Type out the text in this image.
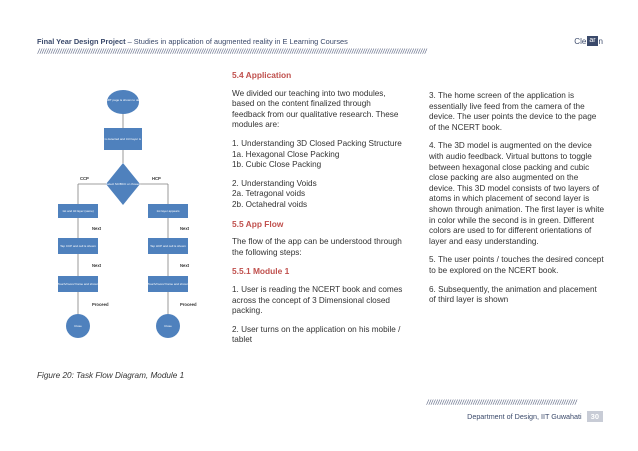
Final Year Design Project – Studies in application of augmented reality in E Learning Courses
////////////////////////////////////////////////////////////////////////////////////////////////////////////////////////////////////////////////////////////////////////////////
Cle ar n
NCERT page is shown to device
Image is detected and 3-D layer is shown
Select SC/BCC or chosen
1st and 3d layer (same)
Tap CCP and cell is shown
Touch/zoom/ frame and shown
Close
1st layer appears
Tap HCP and cell is shown
Touch/zoom/ frame and shown
Close
CCP	HCP
Next
Next
Proceed
Next
Next
Proceed
Figure 20: Task Flow Diagram, Module 1
5.4 Application

We divided our teaching into two modules, based on the content finalized through feedback from our qualitative research. These modules are:

1. Understanding 3D Closed Packing Structure
1a. Hexagonal Close Packing
1b. Cubic Close Packing

2. Understanding Voids
2a. Tetragonal voids
2b. Octahedral voids

5.5 App Flow

The flow of the app can be understood through the following steps:

5.5.1 Module 1

1. User is reading the NCERT book and comes across the concept of 3 Dimensional closed packing.

2. User turns on the application on his mobile / tablet

3. The home screen of the application is essentially live feed from the camera of the device. The user points the device to the page of the NCERT book.

4. The 3D model is augmented on the device with audio feedback. Virtual buttons to toggle between hexagonal close packing and cubic close packing are also augmented on the device. This 3D model consists of two layers of atoms in which placement of second layer is shown through animation. The first layer is white in color while the second is in green. Different colors are used to for different orientations of layer and easy understanding.

5. The user points / touches the desired concept to be explored on the NCERT book.

6. Subsequently, the animation and placement of third layer is shown

////////////////////////////////////////////////////////////////////
Department of Design, IIT Guwahati	30
